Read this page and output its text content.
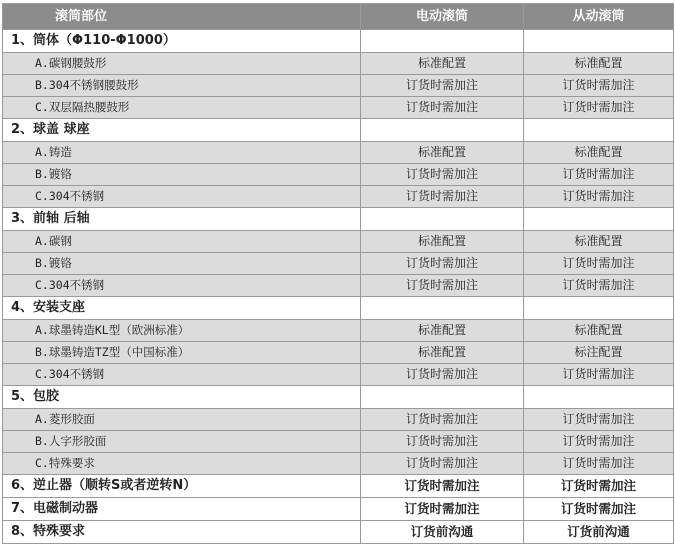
滚筒部位	电动滚筒	从动滚筒
1、筒体（Φ110-Φ1000）		
A.碳钢腰鼓形	标准配置	标准配置
B.304不锈钢腰鼓形	订货时需加注	订货时需加注
C.双层隔热腰鼓形	订货时需加注	订货时需加注
2、球盖 球座		
A.铸造	标准配置	标准配置
B.镀铬	订货时需加注	订货时需加注
C.304不锈钢	订货时需加注	订货时需加注
3、前轴 后轴		
A.碳钢	标准配置	标准配置
B.镀铬	订货时需加注	订货时需加注
C.304不锈钢	订货时需加注	订货时需加注
4、安装支座		
A.球墨铸造KL型（欧洲标准）	标准配置	标准配置
B.球墨铸造TZ型（中国标准）	标准配置	标注配置
C.304不锈钢	订货时需加注	订货时需加注
5、包胶		
A.菱形胶面	订货时需加注	订货时需加注
B.人字形胶面	订货时需加注	订货时需加注
C.特殊要求	订货时需加注	订货时需加注
6、逆止器（顺转S或者逆转N）	订货时需加注	订货时需加注
7、电磁制动器	订货时需加注	订货时需加注
8、特殊要求	订货前沟通	订货前沟通
